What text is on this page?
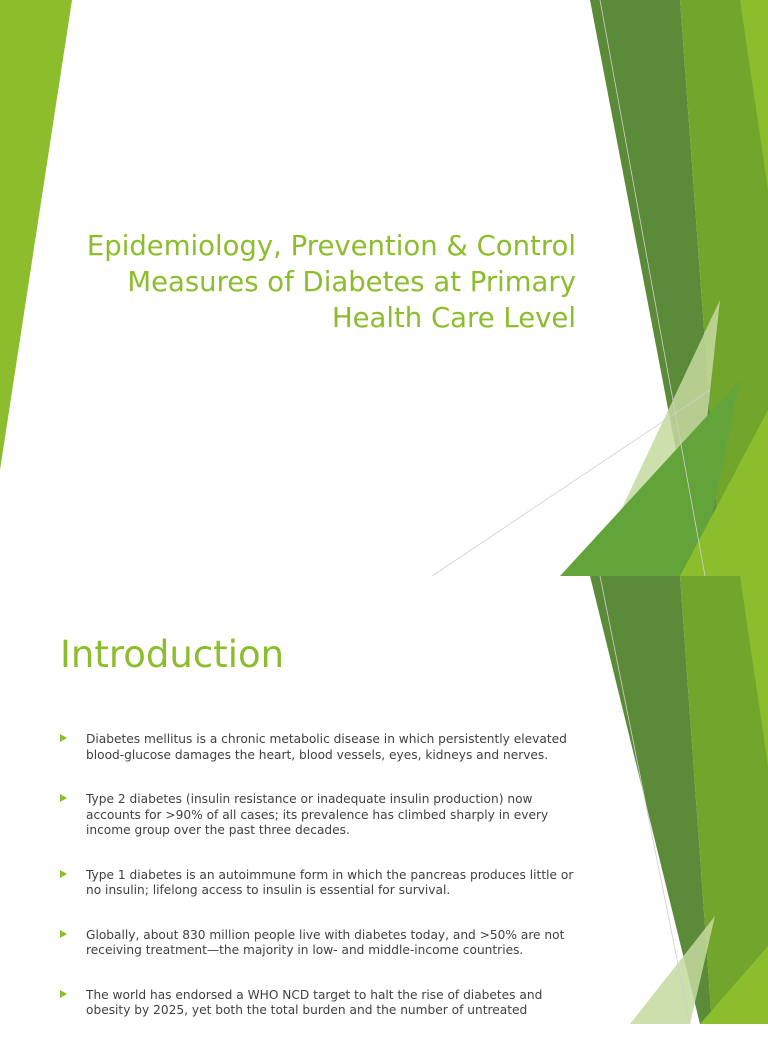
Epidemiology, Prevention & Control
Measures of Diabetes at Primary
Health Care Level
Introduction
Diabetes mellitus is a chronic metabolic disease in which persistently elevated blood-glucose damages the heart, blood vessels, eyes, kidneys and nerves.
Type 2 diabetes (insulin resistance or inadequate insulin production) now accounts for >90% of all cases; its prevalence has climbed sharply in every income group over the past three decades.
Type 1 diabetes is an autoimmune form in which the pancreas produces little or no insulin; lifelong access to insulin is essential for survival.
Globally, about 830 million people live with diabetes today, and >50% are not receiving treatment—the majority in low- and middle-income countries.
The world has endorsed a WHO NCD target to halt the rise of diabetes and obesity by 2025, yet both the total burden and the number of untreated
